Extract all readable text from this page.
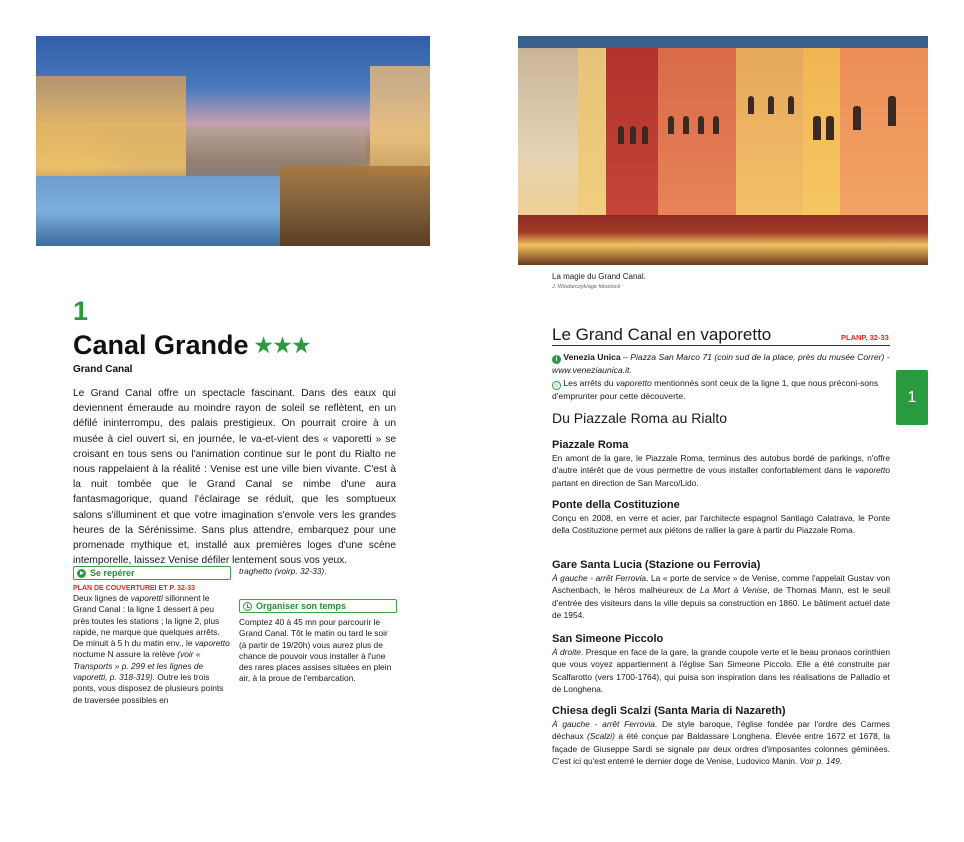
La magie du Grand Canal.
J. Wlodarczyk/age fotostock
1
Canal Grande ★★★
Grand Canal
Le Grand Canal offre un spectacle fascinant. Dans des eaux qui deviennent émeraude au moindre rayon de soleil se reflètent, en un défilé ininterrompu, des palais prestigieux. On pourrait croire à un musée à ciel ouvert si, en journée, le va-et-vient des « vaporetti » se croisant en tous sens ou l'animation continue sur le pont du Rialto ne nous rappelaient à la réalité : Venise est une ville bien vivante. C'est à la nuit tombée que le Grand Canal se nimbe d'une aura fantasmagorique, quand l'éclairage se réduit, que les somptueux salons s'illuminent et que votre imagination s'envole vers les grandes heures de la Sérénissime. Sans plus attendre, embarquez pour une promenade mythique et, installé aux premières loges d'une scène intemporelle, laissez Venise défiler lentement sous vos yeux.
Se repérer
PLAN DE COUVERTUREI ET P. 32-33
Deux lignes de vaporetti sillonnent le Grand Canal : la ligne 1 dessert à peu près toutes les stations ; la ligne 2, plus rapide, ne marque que quelques arrêts. De minuit à 5 h du matin env., le vaporetto noctume N assure la relève (voir « Transports » p. 299 et les lignes de vaporetti, p. 318-319). Outre les trois ponts, vous disposez de plusieurs points de traversée possibles en
traghetto (voirp. 32-33).
Organiser son temps
Comptez 40 à 45 mn pour parcourir le Grand Canal. Tôt le matin ou tard le soir (à partir de 19/20h) vous aurez plus de chance de pouvoir vous installer à l'une des rares places assises situées en plein air, à la proue de l'embarcation.
Le Grand Canal en vaporetto	PLANP. 32-33
i Venezia Unica – Piazza San Marco 71 (coin sud de la place, près du musée Correr) - www.veneziaunica.it.
☺ Les arrêts du vaporetto mentionnés sont ceux de la ligne 1, que nous préconi-sons d'emprunter pour cette découverte.
Du Piazzale Roma au Rialto
Piazzale Roma

En amont de la gare, le Piazzale Roma, terminus des autobus bordé de parkings, n'offre d'autre intérêt que de vous permettre de vous installer confortablement dans le vaporetto partant en direction de San Marco/Lido.

Ponte della Costituzione

Conçu en 2008, en verre et acier, par l'architecte espagnol Santiago Calatrava, le Ponte della Costituzione permet aux piétons de rallier la gare à partir du Piazzale Roma.

Gare Santa Lucia (Stazione ou Ferrovia)

À gauche - arrêt Ferrovia. La « porte de service » de Venise, comme l'appelait Gustav von Aschenbach, le héros malheureux de La Mort à Venise, de Thomas Mann, est le seuil d'entrée des visiteurs dans la ville depuis sa construction en 1860. Le bâtiment actuel date de 1954.

San Simeone Piccolo

À droite. Presque en face de la gare, la grande coupole verte et le beau pronaos corinthien que vous voyez appartiennent à l'église San Simeone Piccolo. Elle a été construite par Scalfarotto (vers 1700-1764), qui puisa son inspiration dans les réalisations de Palladio et de Longhena.

Chiesa degli Scalzi (Santa Maria di Nazareth)

À gauche - arrêt Ferrovia. De style baroque, l'église fondée par l'ordre des Carmes déchaux (Scalzi) a été conçue par Baldassare Longhena. Élevée entre 1672 et 1678, la façade de Giuseppe Sardi se signale par deux ordres d'imposantes colonnes géminées. C'est ici qu'est enterré le dernier doge de Venise, Ludovico Manin. Voir p. 149.

1
